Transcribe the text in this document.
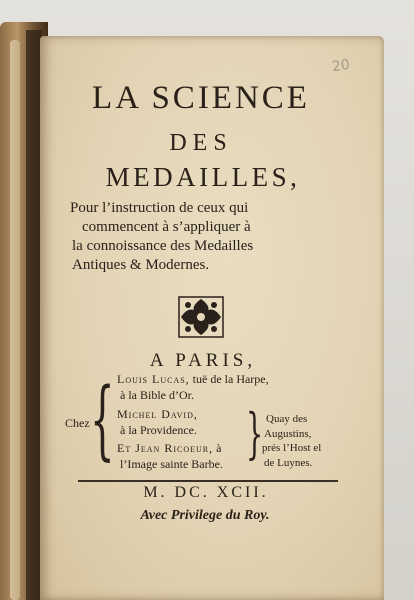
20
LA SCIENCE
DES
MEDAILLES,
Pour l’instruction de ceux qui
commencent à s’appliquer à
la connoissance des Medailles
Antiques & Modernes.
A PARIS,
{
Chez
Louis Lucas, tuë de la Harpe,
à la Bible d’Or.
Michel David,
à la Providence.
Et Jean Ricoeur, à
l’Image sainte Barbe. } Quay des
Augustins,
prés l’Host el
de Luynes.
M. DC. XCII.
Avec Privilege du Roy.
